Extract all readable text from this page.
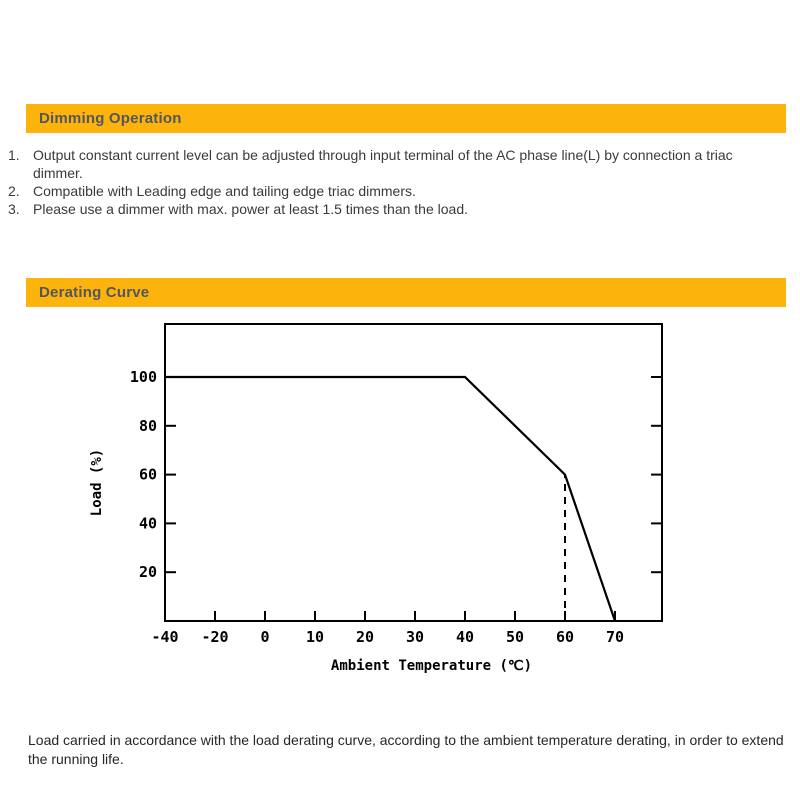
Dimming Operation
1. Output constant current level can be adjusted through input terminal of the AC phase line(L) by connection a triac dimmer.
2. Compatible with Leading edge and tailing edge triac dimmers.
3. Please use a dimmer with max. power at least 1.5 times than the load.
Derating Curve
20
40
60
80
100
-40 -20 0 10 20 30 40 50 60 70
Ambient Temperature (℃)
Load (%)

Load carried in accordance with the load derating curve, according to the ambient temperature derating, in order to extend the running life.
